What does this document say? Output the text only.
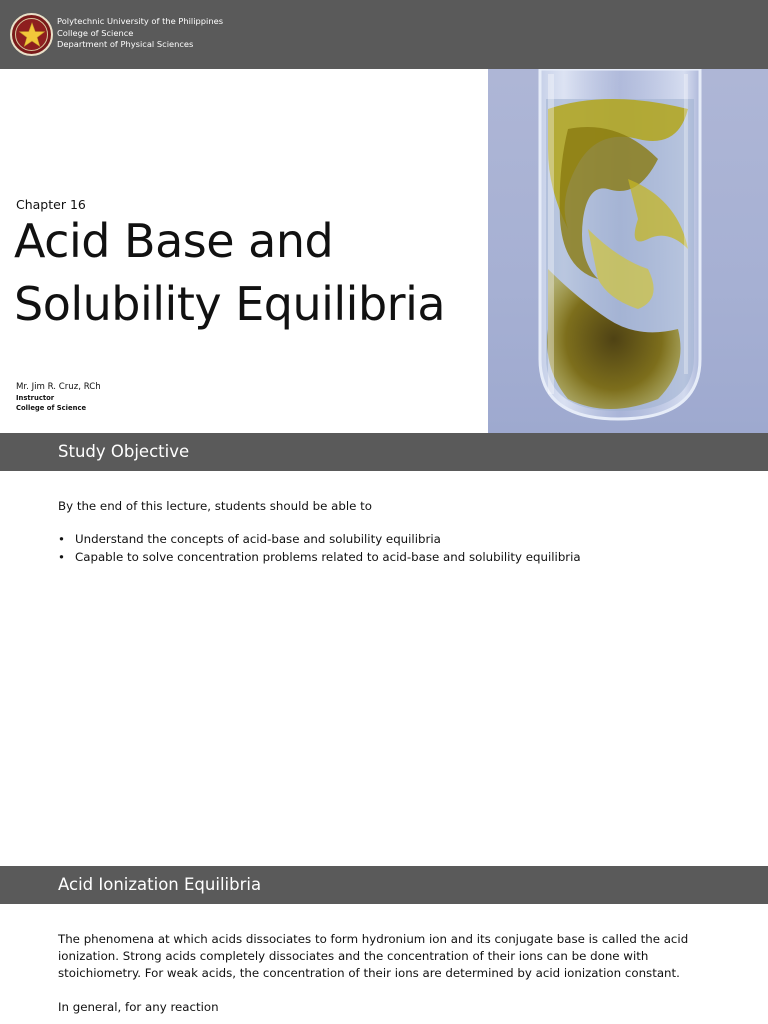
Polytechnic University of the Philippines
College of Science
Department of Physical Sciences
Chapter 16
Acid Base and
Solubility Equilibria
Mr. Jim R. Cruz, RCh
Instructor
College of Science
Study Objective
By the end of this lecture, students should be able to
• Understand the concepts of acid-base and solubility equilibria
• Capable to solve concentration problems related to acid-base and solubility equilibria
Acid Ionization Equilibria
The phenomena at which acids dissociates to form hydronium ion and its conjugate base is called the acid ionization. Strong acids completely dissociates and the concentration of their ions can be done with stoichiometry. For weak acids, the concentration of their ions are determined by acid ionization constant.
In general, for any reaction
